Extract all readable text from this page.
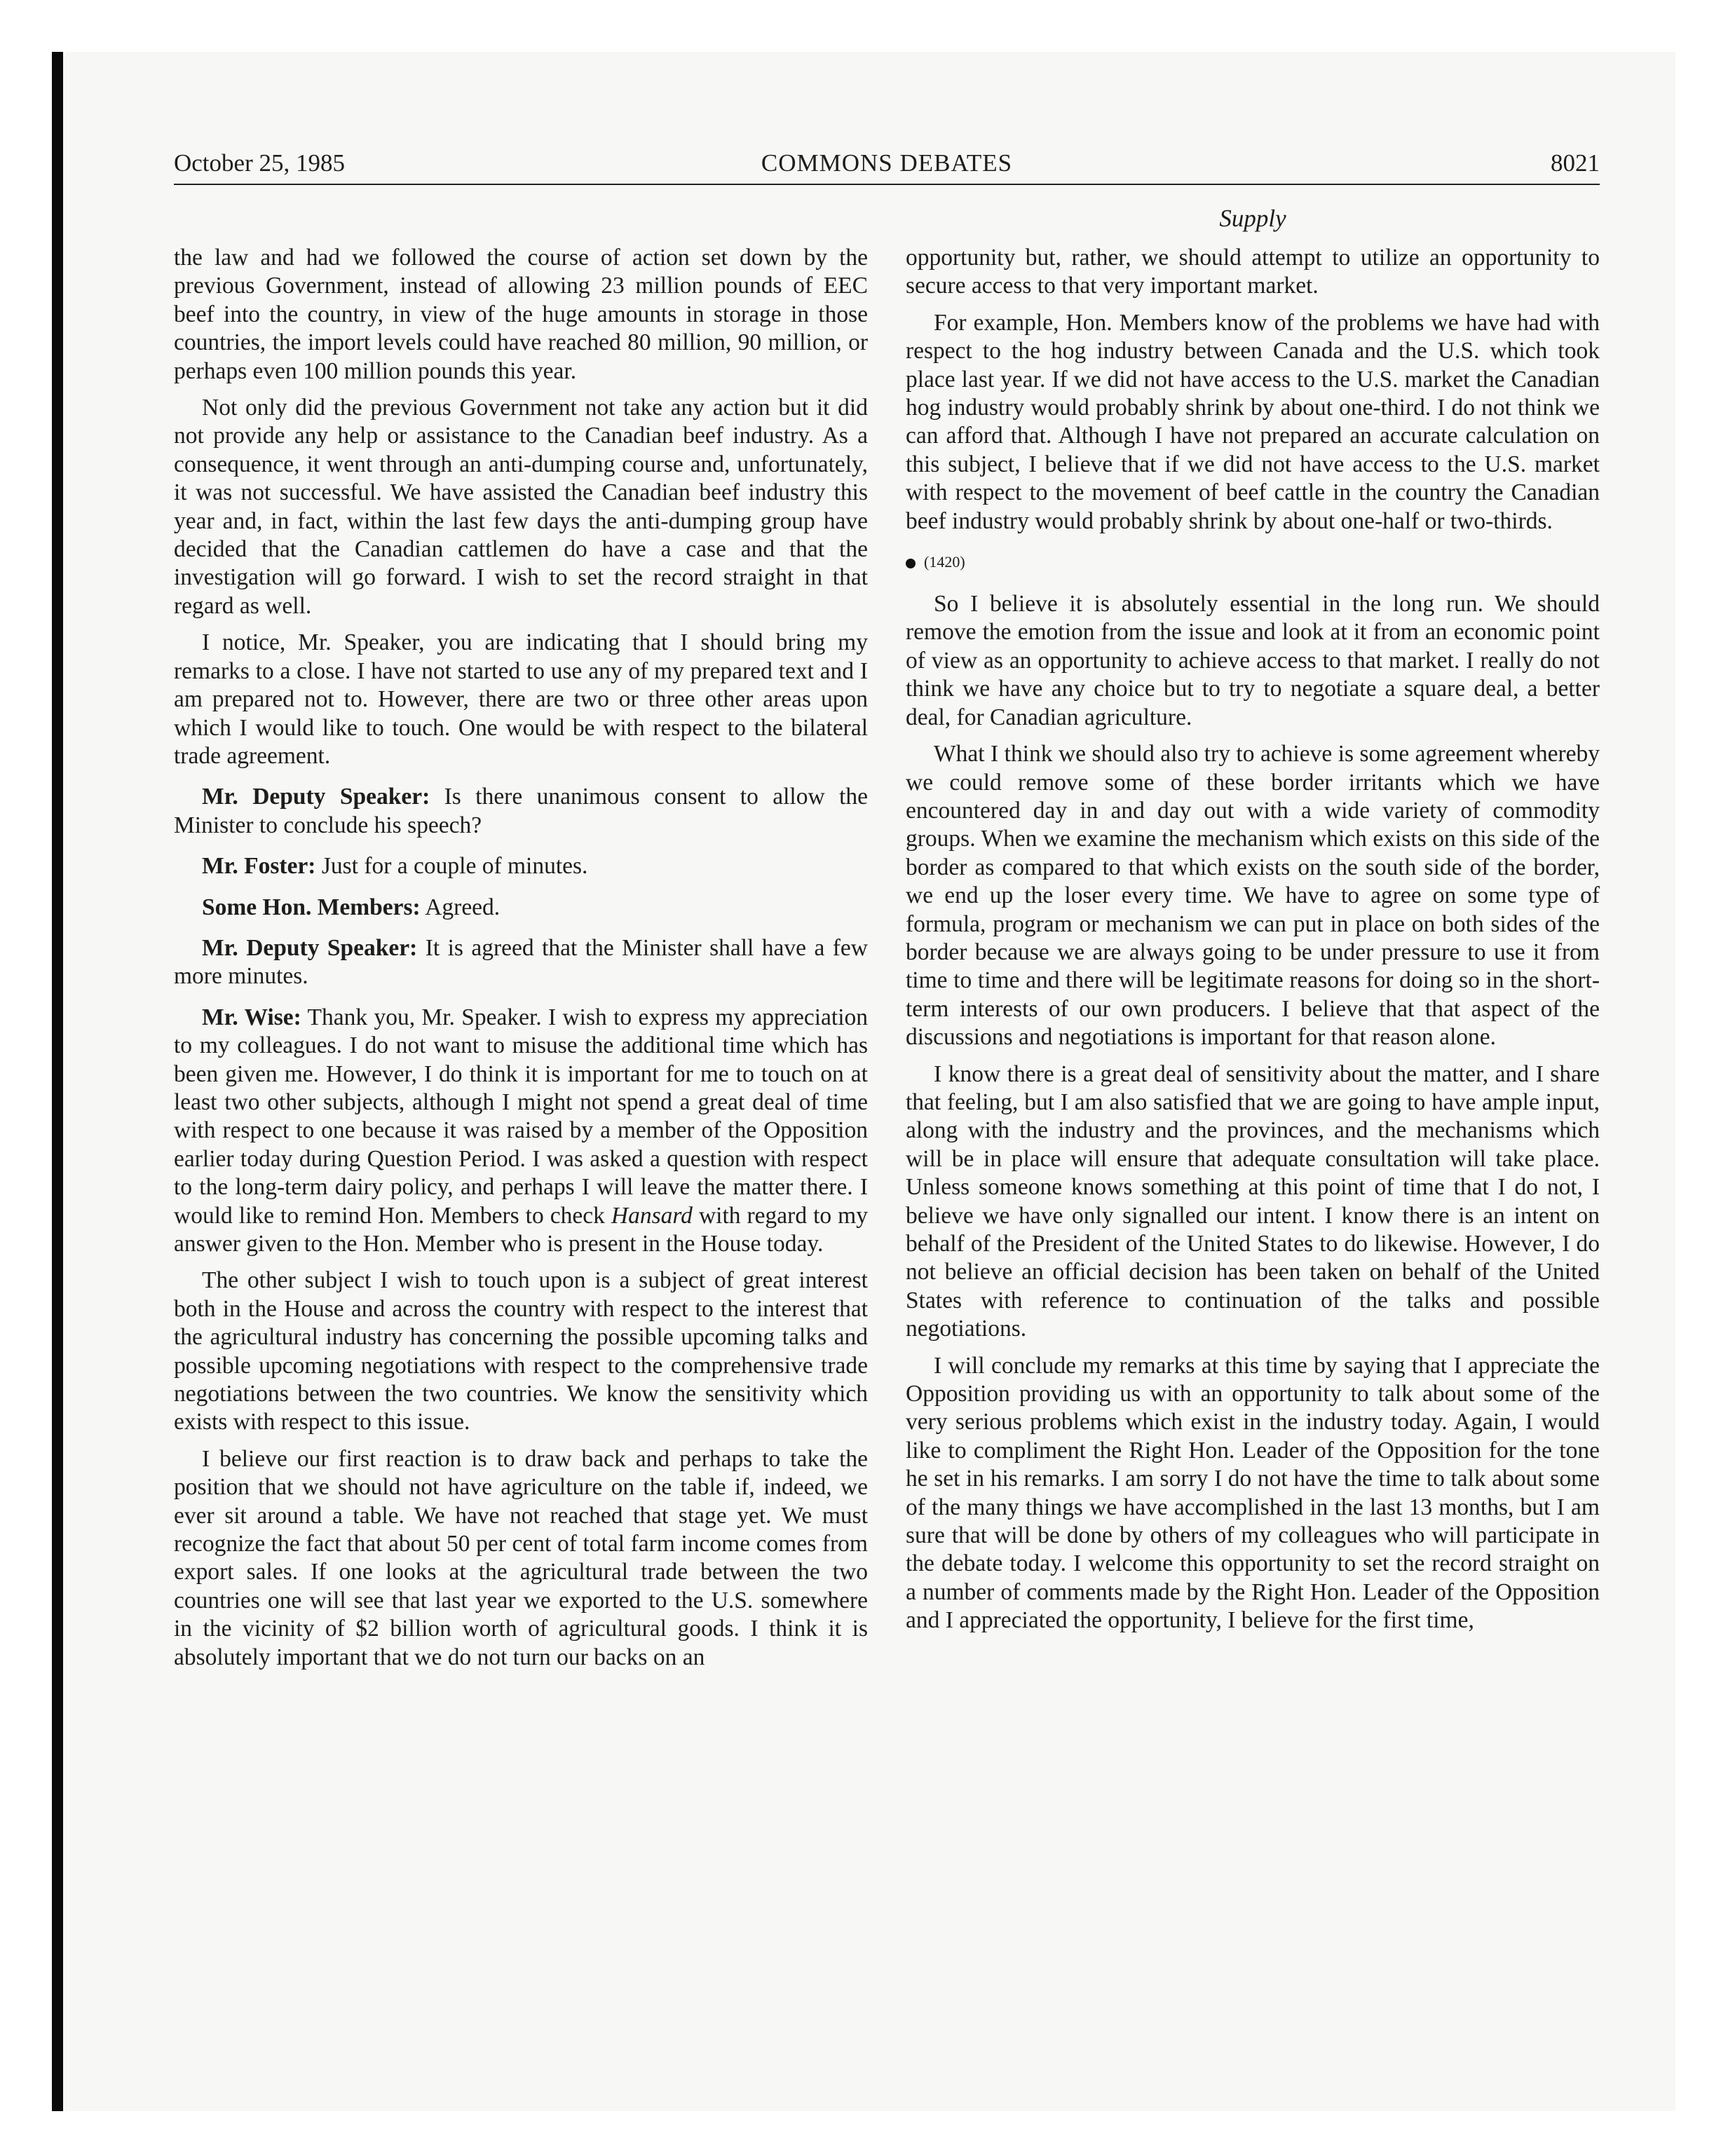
October 25, 1985	COMMONS DEBATES	8021
Supply

the law and had we followed the course of action set down by the previous Government, instead of allowing 23 million pounds of EEC beef into the country, in view of the huge amounts in storage in those countries, the import levels could have reached 80 million, 90 million, or perhaps even 100 million pounds this year.

Not only did the previous Government not take any action but it did not provide any help or assistance to the Canadian beef industry. As a consequence, it went through an anti-dumping course and, unfortunately, it was not successful. We have assisted the Canadian beef industry this year and, in fact, within the last few days the anti-dumping group have decided that the Canadian cattlemen do have a case and that the investigation will go forward. I wish to set the record straight in that regard as well.

I notice, Mr. Speaker, you are indicating that I should bring my remarks to a close. I have not started to use any of my prepared text and I am prepared not to. However, there are two or three other areas upon which I would like to touch. One would be with respect to the bilateral trade agreement.

Mr. Deputy Speaker: Is there unanimous consent to allow the Minister to conclude his speech?

Mr. Foster: Just for a couple of minutes.

Some Hon. Members: Agreed.

Mr. Deputy Speaker: It is agreed that the Minister shall have a few more minutes.

Mr. Wise: Thank you, Mr. Speaker. I wish to express my appreciation to my colleagues. I do not want to misuse the additional time which has been given me. However, I do think it is important for me to touch on at least two other subjects, although I might not spend a great deal of time with respect to one because it was raised by a member of the Opposition earlier today during Question Period. I was asked a question with respect to the long-term dairy policy, and perhaps I will leave the matter there. I would like to remind Hon. Members to check Hansard with regard to my answer given to the Hon. Member who is present in the House today.

The other subject I wish to touch upon is a subject of great interest both in the House and across the country with respect to the interest that the agricultural industry has concerning the possible upcoming talks and possible upcoming negotiations with respect to the comprehensive trade negotiations between the two countries. We know the sensitivity which exists with respect to this issue.

I believe our first reaction is to draw back and perhaps to take the position that we should not have agriculture on the table if, indeed, we ever sit around a table. We have not reached that stage yet. We must recognize the fact that about 50 per cent of total farm income comes from export sales. If one looks at the agricultural trade between the two countries one will see that last year we exported to the U.S. somewhere in the vicinity of $2 billion worth of agricultural goods. I think it is absolutely important that we do not turn our backs on an

opportunity but, rather, we should attempt to utilize an opportunity to secure access to that very important market.

For example, Hon. Members know of the problems we have had with respect to the hog industry between Canada and the U.S. which took place last year. If we did not have access to the U.S. market the Canadian hog industry would probably shrink by about one-third. I do not think we can afford that. Although I have not prepared an accurate calculation on this subject, I believe that if we did not have access to the U.S. market with respect to the movement of beef cattle in the country the Canadian beef industry would probably shrink by about one-half or two-thirds.

(1420)

So I believe it is absolutely essential in the long run. We should remove the emotion from the issue and look at it from an economic point of view as an opportunity to achieve access to that market. I really do not think we have any choice but to try to negotiate a square deal, a better deal, for Canadian agriculture.

What I think we should also try to achieve is some agreement whereby we could remove some of these border irritants which we have encountered day in and day out with a wide variety of commodity groups. When we examine the mechanism which exists on this side of the border as compared to that which exists on the south side of the border, we end up the loser every time. We have to agree on some type of formula, program or mechanism we can put in place on both sides of the border because we are always going to be under pressure to use it from time to time and there will be legitimate reasons for doing so in the short-term interests of our own producers. I believe that that aspect of the discussions and negotiations is important for that reason alone.

I know there is a great deal of sensitivity about the matter, and I share that feeling, but I am also satisfied that we are going to have ample input, along with the industry and the provinces, and the mechanisms which will be in place will ensure that adequate consultation will take place. Unless someone knows something at this point of time that I do not, I believe we have only signalled our intent. I know there is an intent on behalf of the President of the United States to do likewise. However, I do not believe an official decision has been taken on behalf of the United States with reference to continuation of the talks and possible negotiations.

I will conclude my remarks at this time by saying that I appreciate the Opposition providing us with an opportunity to talk about some of the very serious problems which exist in the industry today. Again, I would like to compliment the Right Hon. Leader of the Opposition for the tone he set in his remarks. I am sorry I do not have the time to talk about some of the many things we have accomplished in the last 13 months, but I am sure that will be done by others of my colleagues who will participate in the debate today. I welcome this opportunity to set the record straight on a number of comments made by the Right Hon. Leader of the Opposition and I appreciated the opportunity, I believe for the first time,
